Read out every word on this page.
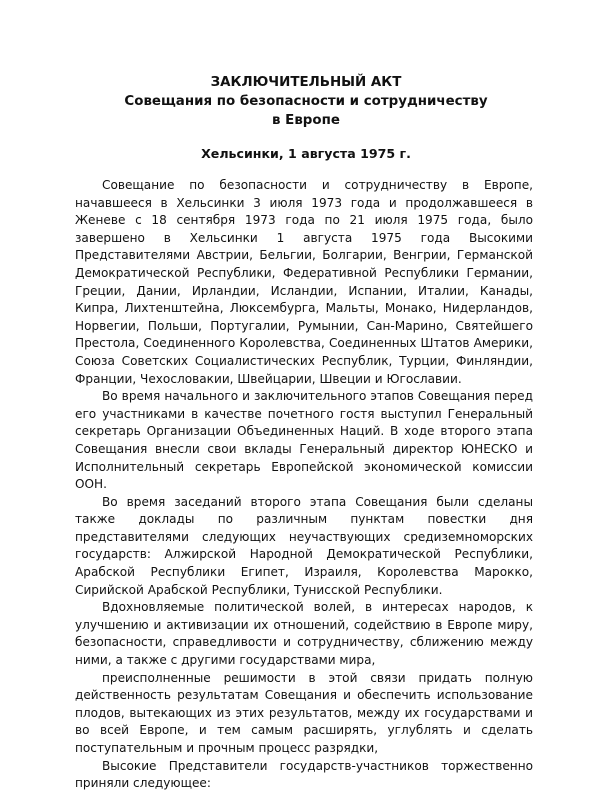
ЗАКЛЮЧИТЕЛЬНЫЙ АКТ
Совещания по безопасности и сотрудничеству
в Европе
Хельсинки, 1 августа 1975 г.

Совещание по безопасности и сотрудничеству в Европе, начавшееся в Хельсинки 3 июля 1973 года и продолжавшееся в Женеве с 18 сентября 1973 года по 21 июля 1975 года, было завершено в Хельсинки 1 августа 1975 года Высокими Представителями Австрии, Бельгии, Болгарии, Венгрии, Германской Демократической Республики, Федеративной Республики Германии, Греции, Дании, Ирландии, Исландии, Испании, Италии, Канады, Кипра, Лихтенштейна, Люксембурга, Мальты, Монако, Нидерландов, Норвегии, Польши, Португалии, Румынии, Сан-Марино, Святейшего Престола, Соединенного Королевства, Соединенных Штатов Америки, Союза Советских Социалистических Республик, Турции, Финляндии, Франции, Чехословакии, Швейцарии, Швеции и Югославии.

Во время начального и заключительного этапов Совещания перед его участниками в качестве почетного гостя выступил Генеральный секретарь Организации Объединенных Наций. В ходе второго этапа Совещания внесли свои вклады Генеральный директор ЮНЕСКО и Исполнительный секретарь Европейской экономической комиссии ООН.

Во время заседаний второго этапа Совещания были сделаны также доклады по различным пунктам повестки дня представителями следующих неучаствующих средиземноморских государств: Алжирской Народной Демократической Республики, Арабской Республики Египет, Израиля, Королевства Марокко, Сирийской Арабской Республики, Тунисской Республики.

Вдохновляемые политической волей, в интересах народов, к улучшению и активизации их отношений, содействию в Европе миру, безопасности, справедливости и сотрудничеству, сближению между ними, а также с другими государствами мира,

преисполненные решимости в этой связи придать полную действенность результатам Совещания и обеспечить использование плодов, вытекающих из этих результатов, между их государствами и во всей Европе, и тем самым расширять, углублять и сделать поступательным и прочным процесс разрядки,

Высокие Представители государств-участников торжественно приняли следующее:
